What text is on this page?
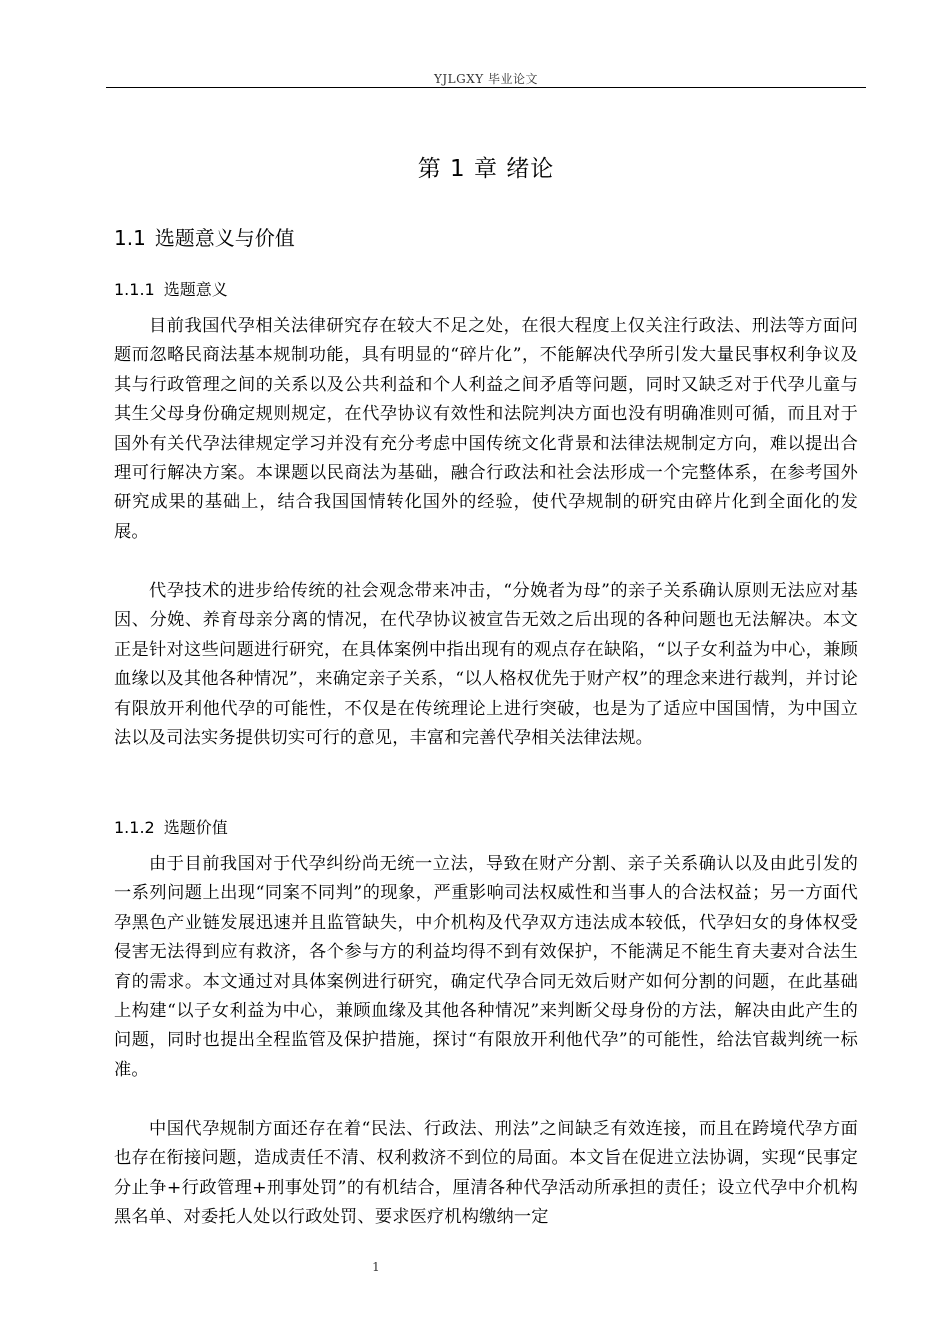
YJLGXY 毕业论文
第 1 章 绪论
1.1 选题意义与价值
1.1.1 选题意义

目前我国代孕相关法律研究存在较大不足之处，在很大程度上仅关注行政法、刑法等方面问题而忽略民商法基本规制功能，具有明显的“碎片化”，不能解决代孕所引发大量民事权利争议及其与行政管理之间的关系以及公共利益和个人利益之间矛盾等问题，同时又缺乏对于代孕儿童与其生父母身份确定规则规定，在代孕协议有效性和法院判决方面也没有明确准则可循，而且对于国外有关代孕法律规定学习并没有充分考虑中国传统文化背景和法律法规制定方向，难以提出合理可行解决方案。本课题以民商法为基础，融合行政法和社会法形成一个完整体系，在参考国外研究成果的基础上，结合我国国情转化国外的经验，使代孕规制的研究由碎片化到全面化的发展。

代孕技术的进步给传统的社会观念带来冲击，“分娩者为母”的亲子关系确认原则无法应对基因、分娩、养育母亲分离的情况，在代孕协议被宣告无效之后出现的各种问题也无法解决。本文正是针对这些问题进行研究，在具体案例中指出现有的观点存在缺陷，“以子女利益为中心，兼顾血缘以及其他各种情况”，来确定亲子关系，“以人格权优先于财产权”的理念来进行裁判，并讨论有限放开利他代孕的可能性，不仅是在传统理论上进行突破，也是为了适应中国国情，为中国立法以及司法实务提供切实可行的意见，丰富和完善代孕相关法律法规。

1.1.2 选题价值

由于目前我国对于代孕纠纷尚无统一立法，导致在财产分割、亲子关系确认以及由此引发的一系列问题上出现“同案不同判”的现象，严重影响司法权威性和当事人的合法权益；另一方面代孕黑色产业链发展迅速并且监管缺失，中介机构及代孕双方违法成本较低，代孕妇女的身体权受侵害无法得到应有救济，各个参与方的利益均得不到有效保护，不能满足不能生育夫妻对合法生育的需求。本文通过对具体案例进行研究，确定代孕合同无效后财产如何分割的问题，在此基础上构建“以子女利益为中心，兼顾血缘及其他各种情况”来判断父母身份的方法，解决由此产生的问题，同时也提出全程监管及保护措施，探讨“有限放开利他代孕”的可能性，给法官裁判统一标准。

中国代孕规制方面还存在着“民法、行政法、刑法”之间缺乏有效连接，而且在跨境代孕方面也存在衔接问题，造成责任不清、权利救济不到位的局面。本文旨在促进立法协调，实现“民事定分止争+行政管理+刑事处罚”的有机结合，厘清各种代孕活动所承担的责任；设立代孕中介机构黑名单、对委托人处以行政处罚、要求医疗机构缴纳一定

1
